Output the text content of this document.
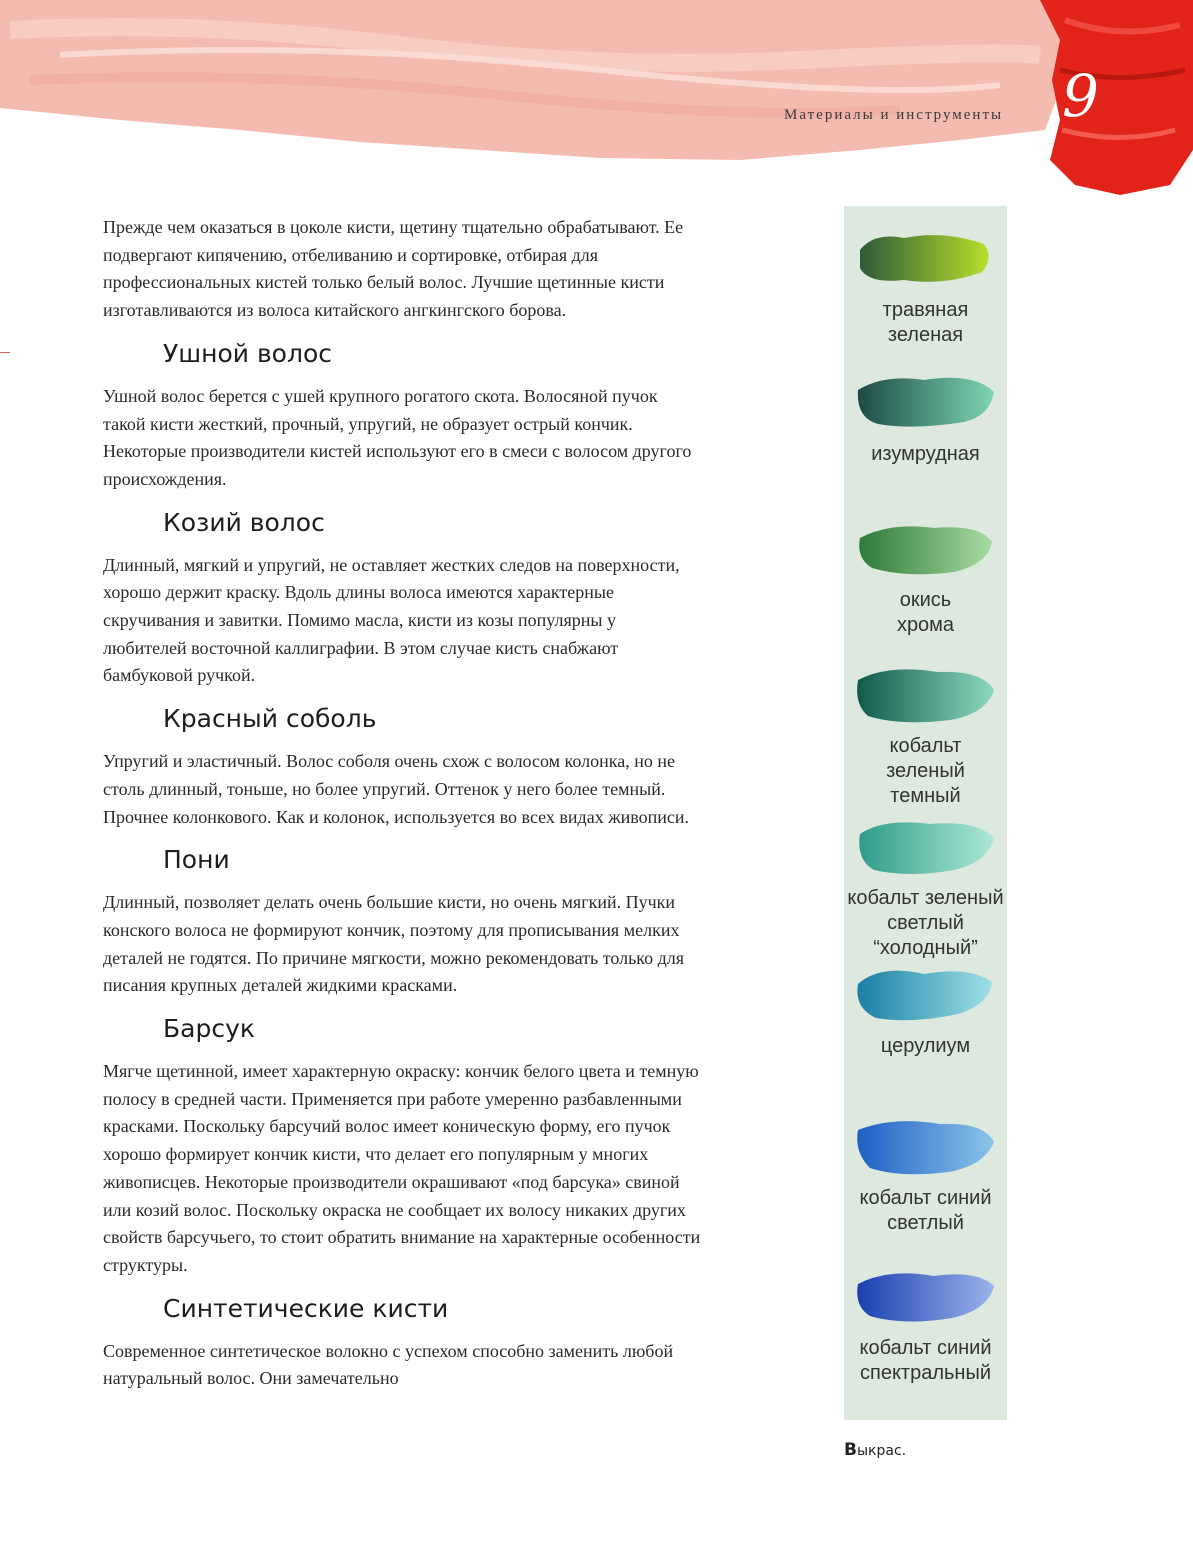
Материалы и инструменты 9

Прежде чем оказаться в цоколе кисти, щетину тщательно обрабатывают. Ее подвергают кипячению, отбеливанию и сортировке, отбирая для профессиональных кистей только белый волос. Лучшие щетинные кисти изготавливаются из волоса китайского ангкингского борова.

Ушной волос

Ушной волос берется с ушей крупного рогатого скота. Волосяной пучок такой кисти жесткий, прочный, упругий, не образует острый кончик. Некоторые производители кистей используют его в смеси с волосом другого происхождения.

Козий волос

Длинный, мягкий и упругий, не оставляет жестких следов на поверхности, хорошо держит краску. Вдоль длины волоса имеются характерные скручивания и завитки. Помимо масла, кисти из козы популярны у любителей восточной каллиграфии. В этом случае кисть снабжают бамбуковой ручкой.

Красный соболь

Упругий и эластичный. Волос соболя очень схож с волосом колонка, но не столь длинный, тоньше, но более упругий. Оттенок у него более темный. Прочнее колонкового. Как и колонок, используется во всех видах живописи.

Пони

Длинный, позволяет делать очень большие кисти, но очень мягкий. Пучки конского волоса не формируют кончик, поэтому для прописывания мелких деталей не годятся. По причине мягкости, можно рекомендовать только для писания крупных деталей жидкими красками.

Барсук

Мягче щетинной, имеет характерную окраску: кончик белого цвета и темную полосу в средней части. Применяется при работе умеренно разбавленными красками. Поскольку барсучий волос имеет коническую форму, его пучок хорошо формирует кончик кисти, что делает его популярным у многих живописцев. Некоторые производители окрашивают «под барсука» свиной или козий волос. Поскольку окраска не сообщает их волосу никаких других свойств барсучьего, то стоит обратить внимание на характерные особенности структуры.

Синтетические кисти

Современное синтетическое волокно с успехом способно заменить любой натуральный волос. Они замечательно

травяная
зеленая
изумрудная
окись
хрома
кобальт
зеленый
темный
кобальт зеленый
светлый
“холодный”
церулиум
кобальт синий
светлый
кобальт синий
спектральный
Выкрас.
